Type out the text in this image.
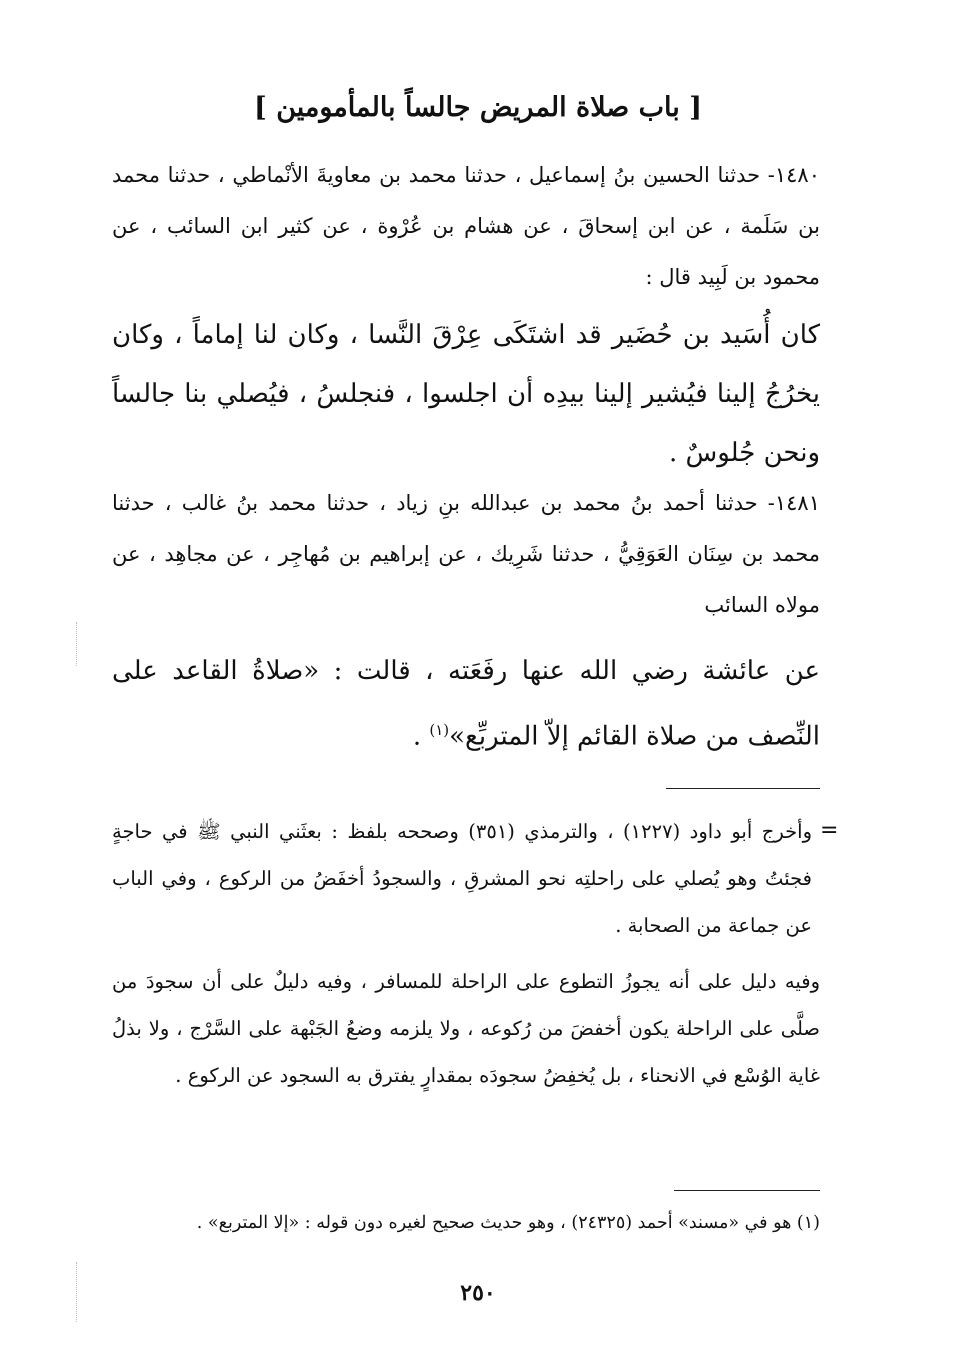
[ باب صلاة المريض جالساً بالمأمومين ]

١٤٨٠- حدثنا الحسين بنُ إسماعيل ، حدثنا محمد بن معاويةَ الأنْماطي ، حدثنا محمد بن سَلَمة ، عن ابن إسحاقَ ، عن هشام بن عُرْوة ، عن كثير ابن السائب ، عن محمود بن لَبِيد قال :

كان أُسَيد بن حُضَير قد اشتَكَى عِرْقَ النَّسا ، وكان لنا إماماً ، وكان يخرُجُ إلينا فيُشير إلينا بيدِه أن اجلسوا ، فنجلسُ ، فيُصلي بنا جالساً ونحن جُلوسٌ .

١٤٨١- حدثنا أحمد بنُ محمد بن عبدالله بنِ زياد ، حدثنا محمد بنُ غالب ، حدثنا محمد بن سِنَان العَوَقِيُّ ، حدثنا شَرِيك ، عن إبراهيم بن مُهاجِر ، عن مجاهِد ، عن مولاه السائب

عن عائشة رضي الله عنها رفَعَته ، قالت : «صلاةُ القاعد على النِّصف من صلاة القائم إلاّ المتربِّع»$^{(١)}$ .

=

وأخرج أبو داود (١٢٢٧) ، والترمذي (٣٥١) وصححه بلفظ : بعثَني النبي ﷺ في حاجةٍ فجئتُ وهو يُصلي على راحلتِه نحو المشرقِ ، والسجودُ أخفَضُ من الركوع ، وفي الباب عن جماعة من الصحابة .

وفيه دليل على أنه يجوزُ التطوع على الراحلة للمسافر ، وفيه دليلٌ على أن سجودَ من صلَّى على الراحلة يكون أخفضَ من رُكوعه ، ولا يلزمه وضعُ الجَبْهة على السَّرْج ، ولا بذلُ غاية الوُسْع في الانحناء ، بل يُخفِضُ سجودَه بمقدارٍ يفترق به السجود عن الركوع .

(١) هو في «مسند» أحمد (٢٤٣٢٥) ، وهو حديث صحيح لغيره دون قوله : «إلا المتربع» .

٢٥٠
